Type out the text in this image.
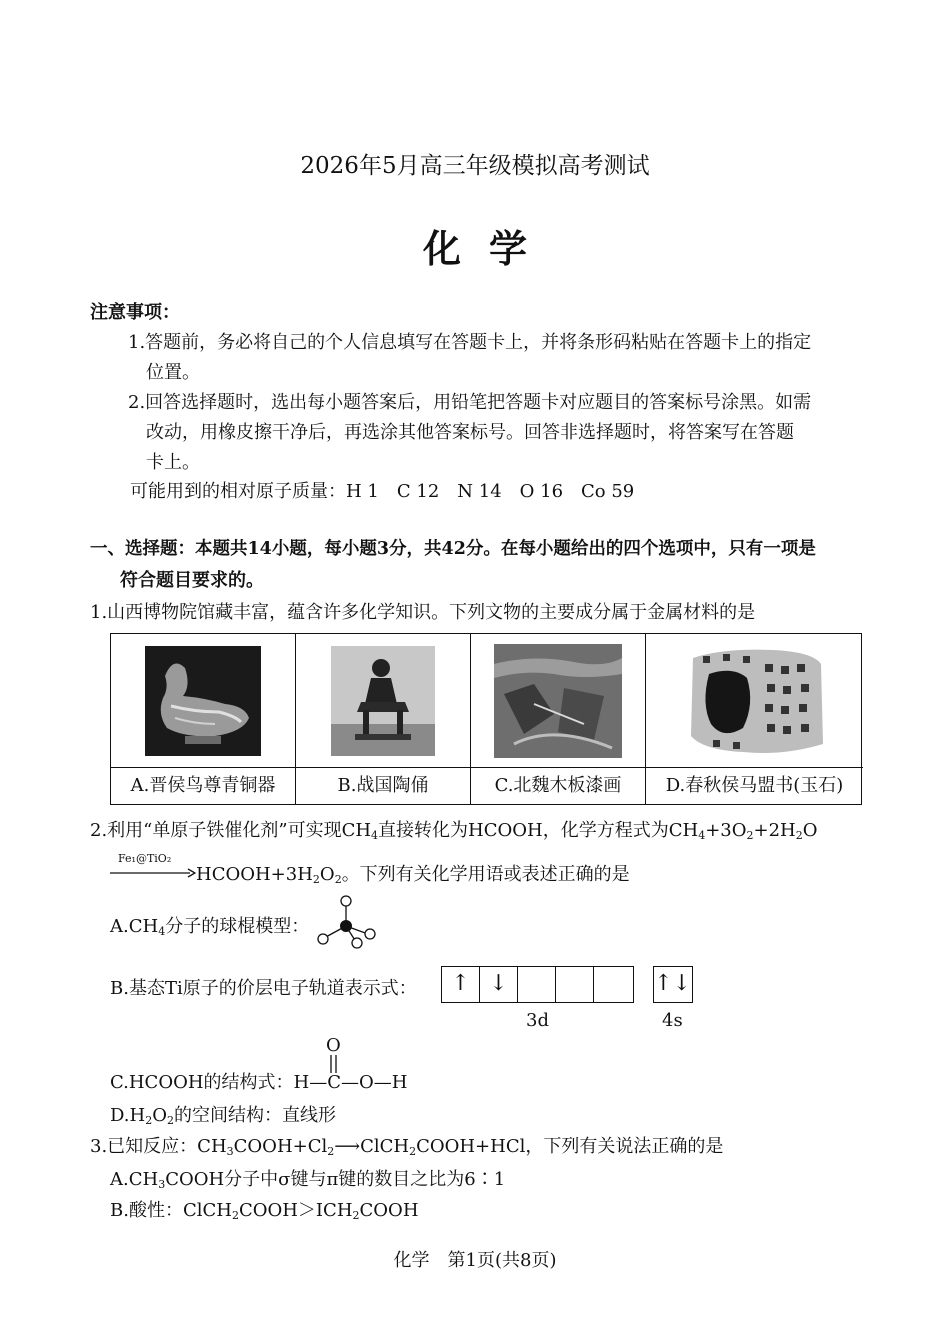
2026年5月高三年级模拟高考测试
化学
注意事项：
1.答题前，务必将自己的个人信息填写在答题卡上，并将条形码粘贴在答题卡上的指定
位置。
2.回答选择题时，选出每小题答案后，用铅笔把答题卡对应题目的答案标号涂黑。如需
改动，用橡皮擦干净后，再选涂其他答案标号。回答非选择题时，将答案写在答题
卡上。
可能用到的相对原子质量：H 1　C 12　N 14　O 16　Co 59
一、选择题：本题共14小题，每小题3分，共42分。在每小题给出的四个选项中，只有一项是
符合题目要求的。
1.山西博物院馆藏丰富，蕴含许多化学知识。下列文物的主要成分属于金属材料的是
A.晋侯鸟尊青铜器	B.战国陶俑	C.北魏木板漆画	D.春秋侯马盟书(玉石)
2.利用“单原子铁催化剂”可实现$CH_4$直接转化为HCOOH，化学方程式为$CH_4+3O_2+2H_2O$
Fe₁@TiO₂
$HCOOH+3H_2O_2$。下列有关化学用语或表述正确的是
$A.CH_4$分子的球棍模型：
B.基态Ti原子的价层电子轨道表示式：	↑ ↓	↑↓
3d	4s
O
C.HCOOH的结构式：H—C—O—H
$D.H_2O_2$的空间结构：直线形
3.已知反应：$CH_3COOH+Cl_2⟶ClCH_2COOH+HCl$，下列有关说法正确的是
$A.CH_3COOH$分子中σ键与π键的数目之比为6∶1
B.酸性：$ClCH_2COOH>ICH_2COOH$
化学　第1页(共8页)
